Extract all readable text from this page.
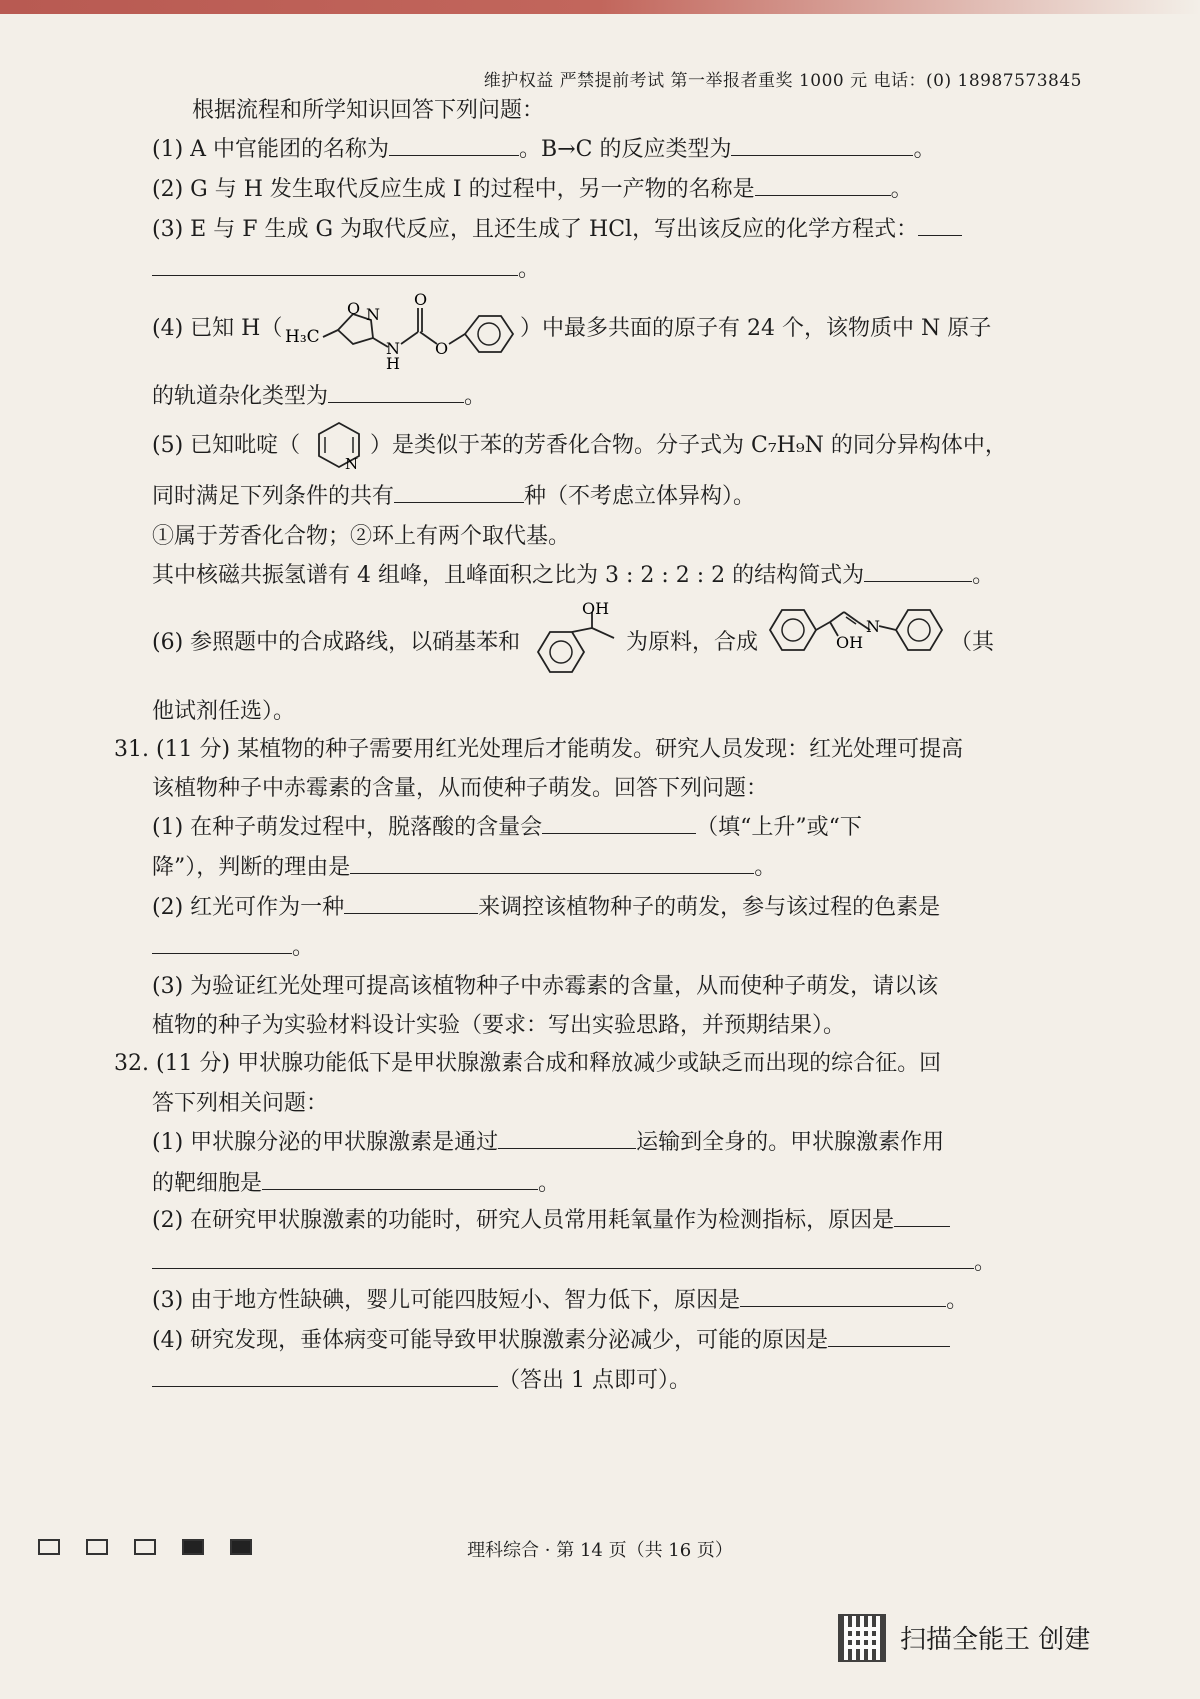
维护权益 严禁提前考试 第一举报者重奖 1000 元 电话：(0) 18987573845
根据流程和所学知识回答下列问题：
(1) A 中官能团的名称为	。B→C 的反应类型为	。
(2) G 与 H 发生取代反应生成 I 的过程中，另一产物的名称是	。
(3) E 与 F 生成 G 为取代反应，且还生成了 HCl，写出该反应的化学方程式：
。
(4) 已知 H（ H₃C
O N
N
H
O
O
）中最多共面的原子有 24 个，该物质中 N 原子
的轨道杂化类型为	。
(5) 已知吡啶（
N
）是类似于苯的芳香化合物。分子式为 C₇H₉N 的同分异构体中，
同时满足下列条件的共有	种（不考虑立体异构）。
①属于芳香化合物；②环上有两个取代基。
其中核磁共振氢谱有 4 组峰，且峰面积之比为 3 : 2 : 2 : 2 的结构简式为	。
(6) 参照题中的合成路线，以硝基苯和
OH
为原料，合成	OH
N
（其
他试剂任选）。
31. (11 分) 某植物的种子需要用红光处理后才能萌发。研究人员发现：红光处理可提高
该植物种子中赤霉素的含量，从而使种子萌发。回答下列问题：
(1) 在种子萌发过程中，脱落酸的含量会	（填“上升”或“下
降”），判断的理由是	。
(2) 红光可作为一种	来调控该植物种子的萌发，参与该过程的色素是
。
(3) 为验证红光处理可提高该植物种子中赤霉素的含量，从而使种子萌发，请以该
植物的种子为实验材料设计实验（要求：写出实验思路，并预期结果）。
32. (11 分) 甲状腺功能低下是甲状腺激素合成和释放减少或缺乏而出现的综合征。回
答下列相关问题：
(1) 甲状腺分泌的甲状腺激素是通过	运输到全身的。甲状腺激素作用
的靶细胞是	。
(2) 在研究甲状腺激素的功能时，研究人员常用耗氧量作为检测指标，原因是
。
(3) 由于地方性缺碘，婴儿可能四肢短小、智力低下，原因是	。
(4) 研究发现，垂体病变可能导致甲状腺激素分泌减少，可能的原因是
（答出 1 点即可）。
理科综合 · 第 14 页（共 16 页）
扫描全能王 创建
